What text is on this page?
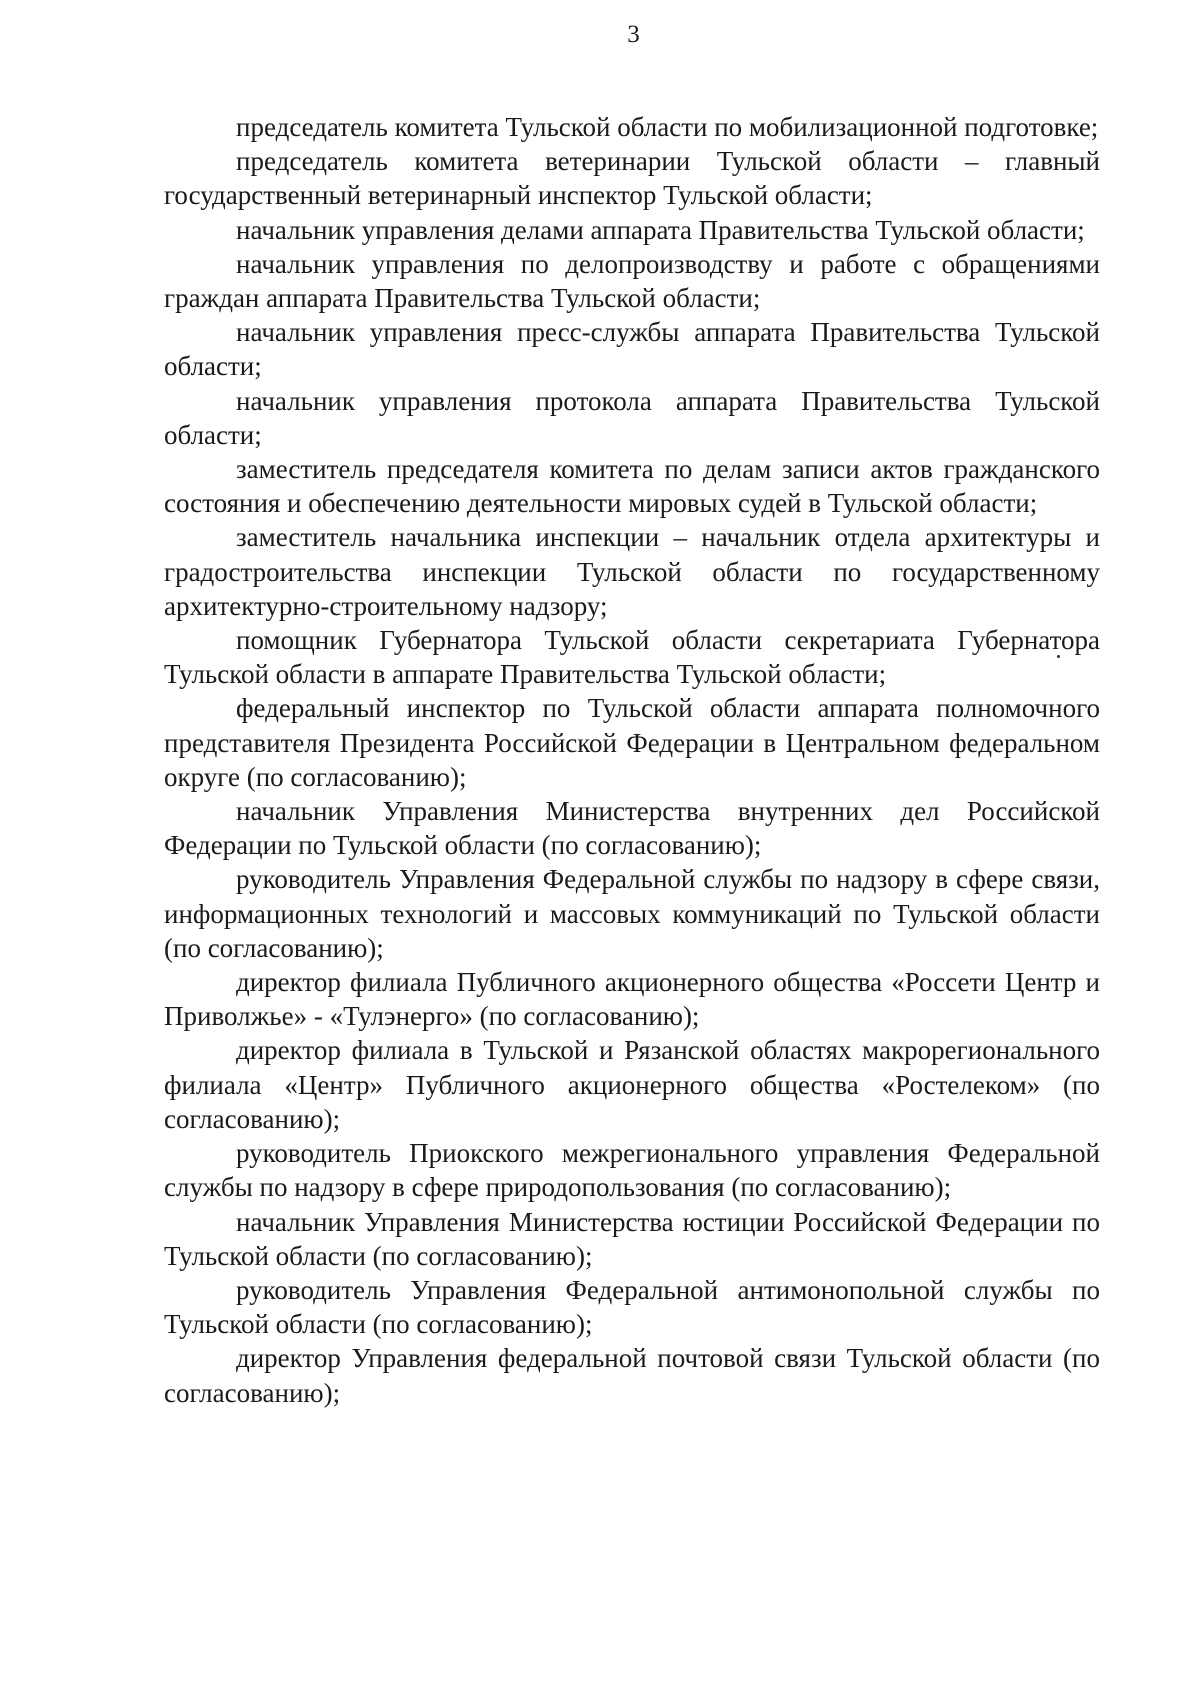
3

председатель комитета Тульской области по мобилизационной подготовке;

председатель комитета ветеринарии Тульской области – главный государственный ветеринарный инспектор Тульской области;

начальник управления делами аппарата Правительства Тульской области;

начальник управления по делопроизводству и работе с обращениями граждан аппарата Правительства Тульской области;

начальник управления пресс-службы аппарата Правительства Тульской области;

начальник управления протокола аппарата Правительства Тульской области;

заместитель председателя комитета по делам записи актов гражданского состояния и обеспечению деятельности мировых судей в Тульской области;

заместитель начальника инспекции – начальник отдела архитектуры и градостроительства инспекции Тульской области по государственному архитектурно-строительному надзору;

помощник Губернатора Тульской области секретариата Губернатора Тульской области в аппарате Правительства Тульской области;

федеральный инспектор по Тульской области аппарата полномочного представителя Президента Российской Федерации в Центральном федеральном округе (по согласованию);

начальник Управления Министерства внутренних дел Российской Федерации по Тульской области (по согласованию);

руководитель Управления Федеральной службы по надзору в сфере связи, информационных технологий и массовых коммуникаций по Тульской области (по согласованию);

директор филиала Публичного акционерного общества «Россети Центр и Приволжье» - «Тулэнерго» (по согласованию);

директор филиала в Тульской и Рязанской областях макрорегионального филиала «Центр» Публичного акционерного общества «Ростелеком» (по согласованию);

руководитель Приокского межрегионального управления Федеральной службы по надзору в сфере природопользования (по согласованию);

начальник Управления Министерства юстиции Российской Федерации по Тульской области (по согласованию);

руководитель Управления Федеральной антимонопольной службы по Тульской области (по согласованию);

директор Управления федеральной почтовой связи Тульской области (по согласованию);
